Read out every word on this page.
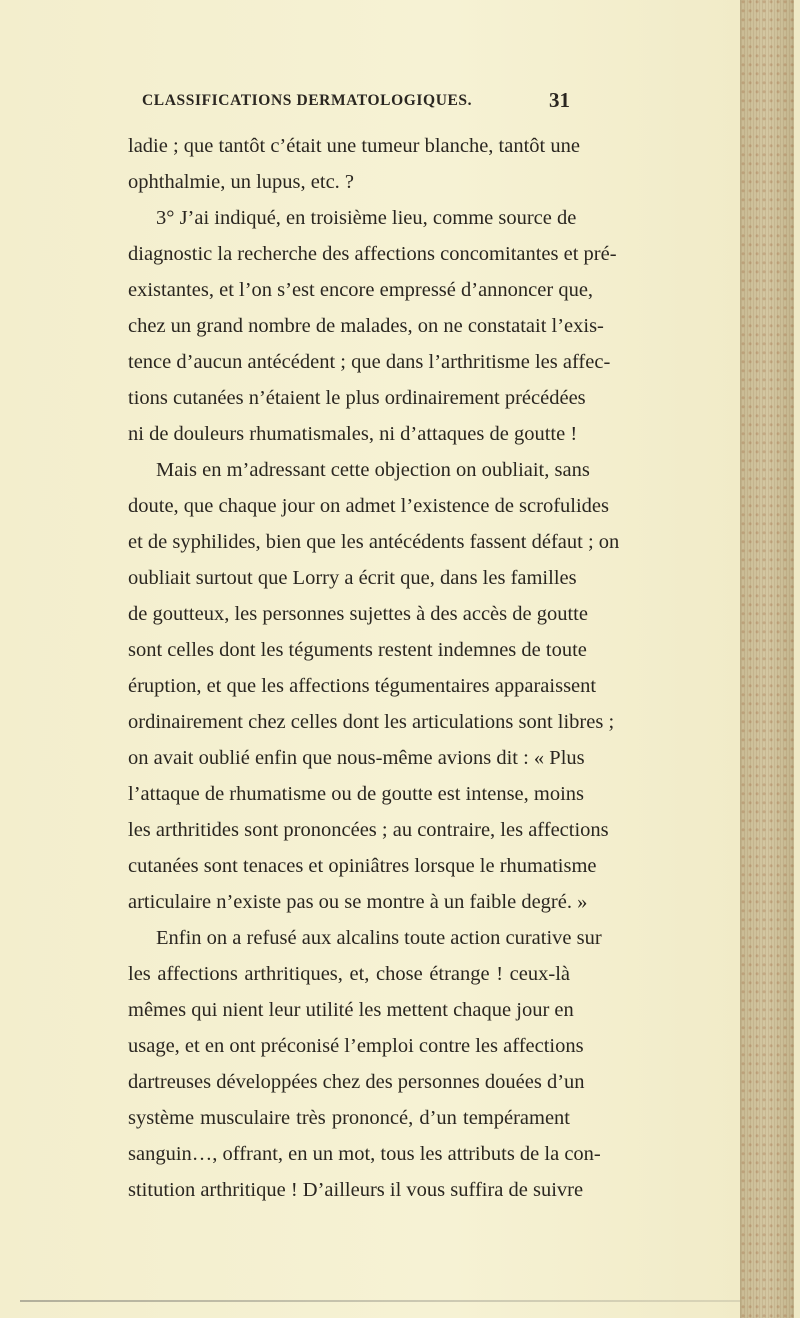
CLASSIFICATIONS DERMATOLOGIQUES.	31
ladie ; que tantôt c’était une tumeur blanche, tantôt une
ophthalmie, un lupus, etc. ?
3° J’ai indiqué, en troisième lieu, comme source de
diagnostic la recherche des affections concomitantes et pré-
existantes, et l’on s’est encore empressé d’annoncer que,
chez un grand nombre de malades, on ne constatait l’exis-
tence d’aucun antécédent ; que dans l’arthritisme les affec-
tions cutanées n’étaient le plus ordinairement précédées
ni de douleurs rhumatismales, ni d’attaques de goutte !
Mais en m’adressant cette objection on oubliait, sans
doute, que chaque jour on admet l’existence de scrofulides
et de syphilides, bien que les antécédents fassent défaut ; on
oubliait surtout que Lorry a écrit que, dans les familles
de goutteux, les personnes sujettes à des accès de goutte
sont celles dont les téguments restent indemnes de toute
éruption, et que les affections tégumentaires apparaissent
ordinairement chez celles dont les articulations sont libres ;
on avait oublié enfin que nous-même avions dit : « Plus
l’attaque de rhumatisme ou de goutte est intense, moins
les arthritides sont prononcées ; au contraire, les affections
cutanées sont tenaces et opiniâtres lorsque le rhumatisme
articulaire n’existe pas ou se montre à un faible degré. »
Enfin on a refusé aux alcalins toute action curative sur
les affections arthritiques, et, chose étrange ! ceux-là
mêmes qui nient leur utilité les mettent chaque jour en
usage, et en ont préconisé l’emploi contre les affections
dartreuses développées chez des personnes douées d’un
système musculaire très prononcé, d’un tempérament
sanguin…, offrant, en un mot, tous les attributs de la con-
stitution arthritique ! D’ailleurs il vous suffira de suivre
